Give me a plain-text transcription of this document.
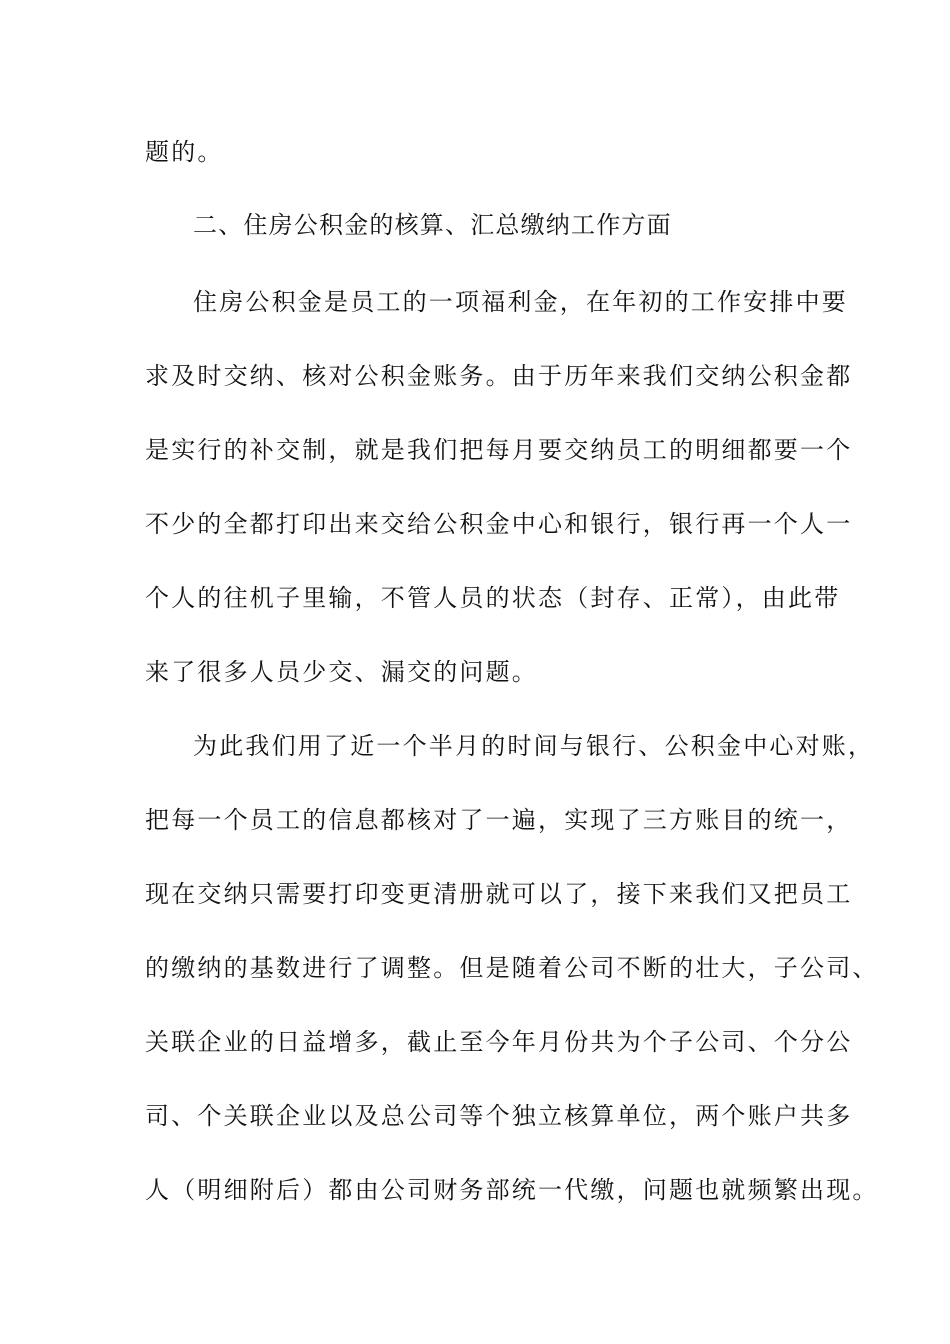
题的。
二、住房公积金的核算、汇总缴纳工作方面
住房公积金是员工的一项福利金，在年初的工作安排中要
求及时交纳、核对公积金账务。由于历年来我们交纳公积金都
是实行的补交制，就是我们把每月要交纳员工的明细都要一个
不少的全都打印出来交给公积金中心和银行，银行再一个人一
个人的往机子里输，不管人员的状态（封存、正常），由此带
来了很多人员少交、漏交的问题。
为此我们用了近一个半月的时间与银行、公积金中心对账，
把每一个员工的信息都核对了一遍，实现了三方账目的统一，
现在交纳只需要打印变更清册就可以了，接下来我们又把员工
的缴纳的基数进行了调整。但是随着公司不断的壮大，子公司、
关联企业的日益增多，截止至今年月份共为个子公司、个分公
司、个关联企业以及总公司等个独立核算单位，两个账户共多
人（明细附后）都由公司财务部统一代缴，问题也就频繁出现。
